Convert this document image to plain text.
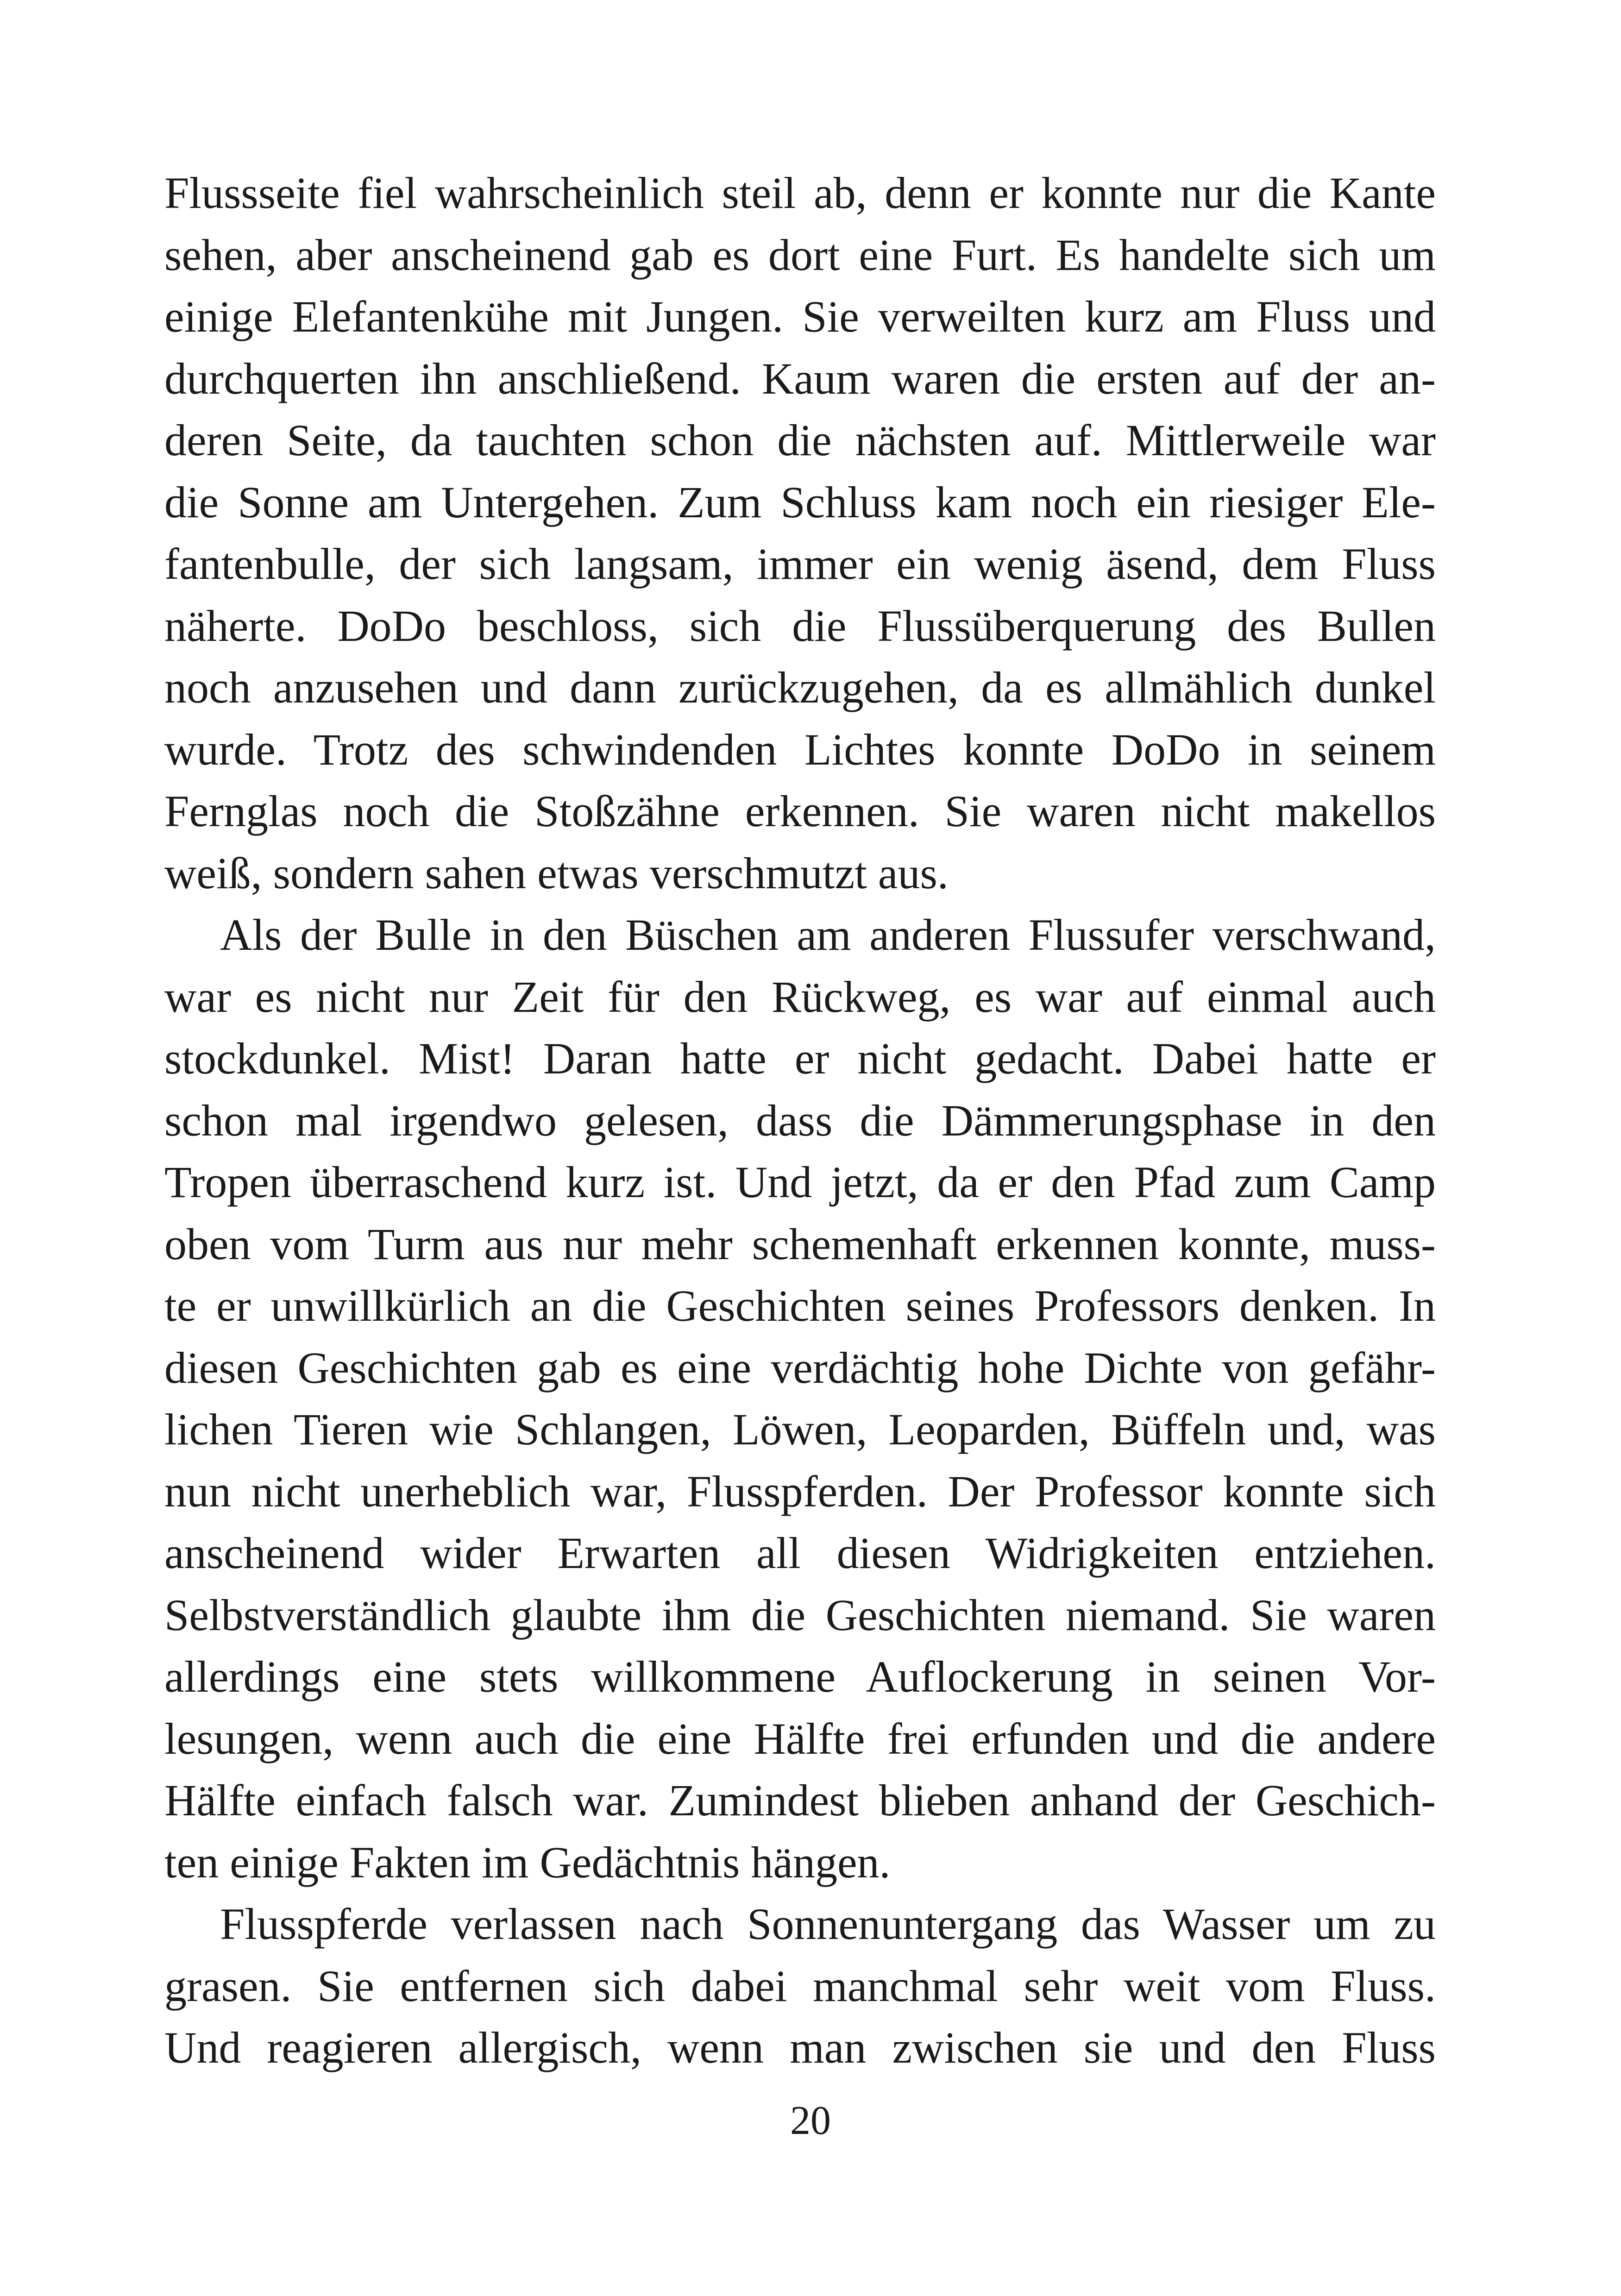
Flussseite fiel wahrscheinlich steil ab, denn er konnte nur die Kante
sehen, aber anscheinend gab es dort eine Furt. Es handelte sich um
einige Elefantenkühe mit Jungen. Sie verweilten kurz am Fluss und
durchquerten ihn anschließend. Kaum waren die ersten auf der an-
deren Seite, da tauchten schon die nächsten auf. Mittlerweile war
die Sonne am Untergehen. Zum Schluss kam noch ein riesiger Ele-
fantenbulle, der sich langsam, immer ein wenig äsend, dem Fluss
näherte. DoDo beschloss, sich die Flussüberquerung des Bullen
noch anzusehen und dann zurückzugehen, da es allmählich dunkel
wurde. Trotz des schwindenden Lichtes konnte DoDo in seinem
Fernglas noch die Stoßzähne erkennen. Sie waren nicht makellos
weiß, sondern sahen etwas verschmutzt aus.
Als der Bulle in den Büschen am anderen Flussufer verschwand,
war es nicht nur Zeit für den Rückweg, es war auf einmal auch
stockdunkel. Mist! Daran hatte er nicht gedacht. Dabei hatte er
schon mal irgendwo gelesen, dass die Dämmerungsphase in den
Tropen überraschend kurz ist. Und jetzt, da er den Pfad zum Camp
oben vom Turm aus nur mehr schemenhaft erkennen konnte, muss-
te er unwillkürlich an die Geschichten seines Professors denken. In
diesen Geschichten gab es eine verdächtig hohe Dichte von gefähr-
lichen Tieren wie Schlangen, Löwen, Leoparden, Büffeln und, was
nun nicht unerheblich war, Flusspferden. Der Professor konnte sich
anscheinend wider Erwarten all diesen Widrigkeiten entziehen.
Selbstverständlich glaubte ihm die Geschichten niemand. Sie waren
allerdings eine stets willkommene Auflockerung in seinen Vor-
lesungen, wenn auch die eine Hälfte frei erfunden und die andere
Hälfte einfach falsch war. Zumindest blieben anhand der Geschich-
ten einige Fakten im Gedächtnis hängen.
Flusspferde verlassen nach Sonnenuntergang das Wasser um zu
grasen. Sie entfernen sich dabei manchmal sehr weit vom Fluss.
Und reagieren allergisch, wenn man zwischen sie und den Fluss
20
